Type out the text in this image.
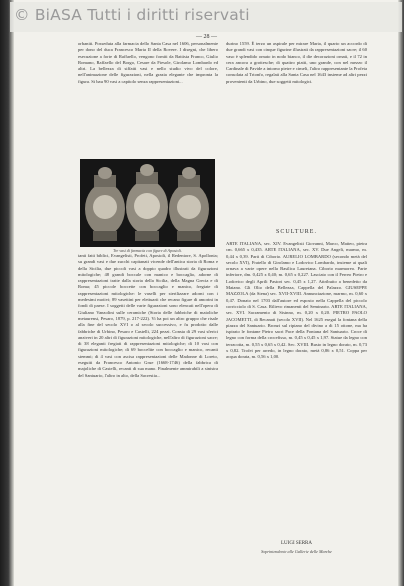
© BiASA Tutti i diritti riservati
— 28 —

orbaniti. Posseduta alla farmacia dello Santa Casa nel 1606, personalmente per dono del duca Francesco Maria II della Rovere. I disegni, che libero esecuzione a forte di Raffaello, vengono forniti da Battista Franco, Giulio Romano, Raffaello del Borgo, Cesare da Fiesole, Girolamo Lombardo ed altri. La bellezza di siffatti vasi e nello studio vivo del colore, nell'animazione delle figurazioni, nella grazia elegante che impronta la figura. Si bau 90 vasi a capitolo senza rappresentazioni...

durino 1559. È terzo un aspirale per mirare Maria, il quarto un accordo di due grandi vasi con cinque figurine illustrati da rappresentazioni sacre; il 60 vaso è splendido ornato in nodo bianco, il die decorazioni ornati, e il 72 in cera ancora a grottesche; di quattro piatti, uno grande, con nel mezzo il Cardinale di Pavide a intorno pietre e cimeli, l'altro rappresentante la Profeta consolata al Trionfo, regalati alla Santa Casa nel 1643 insieme ad altri pezzi provenienti da Urbino, due soggetti mitologici.

Tre vasi di farmacia con figure di Apostoli.
SCULTURE.

tanti fatti biblici, Evangelisti, Profeti, Apostoli, il Redentore, S. Apollonia; su grandi vasi e due zucchi capitanati vicende dell'antica storia di Roma e della Sicilia, due piccoli vasi a doppio quadro illustrati da figurazioni mitologiche; 48 grandi boccale con manico e boccaglio, adorne di rappresentazioni tratte dalla storia della Sicilia, della Magna Grecia e di Roma; 45 piccole boccette con boccaglio e manico, fregiate di rappresentazioni mitologiche: le vaselli per sterilizzare adorni con i medesimi motivi; 89 vasettini per elettuarii che recano figure di amorini in fondi di paese. I soggetti delle varie figurazioni sono elencati nell'opera di Giuliano Vanzolini sulle ceramiche (Storia delle fabbriche di maioliche metaurensi, Pesaro, 1879, p. 217-222). Vi ha poi un altro gruppo che risale alla fine del secolo XVI o al secolo successivo, e fu prodotto dalle fabbriche di Urbino, Pesaro e Castelli, 224 pezzi. Consta di 29 vasi sferici anziveri in 20 altri di figurazioni mitologiche, nell'altro di figurazioni sacre; di 38 eleganti fregiati di rappresentazioni mitologiche; di 10 vasi con figurazioni mitologiche; di 69 bocceltte con boccaglio e manico, recanti stemmi; di 4 vasi con ascisa rappresentazioni delle Madonne di Loreto, eseguiti da Francesco Antonio Grue (1668-1746) della fabbrica di majoliche di Castelli, recanti di sua mano. Finalmente ammirabili a sinistra del Santuario, l'altro in alto, della Sacrestia...

ARTE ITALIANA, sec. XIV. Evangelisti Giovanni, Marco, Matteo, pietra cm. 0,665 x 0,435. ARTE ITALIANA, sec. XV. Due Angeli, marmo, m. 0,44 x 0,39. Parti di Ciborio. AURELIO LOMBARDO (secondo metà del secolo XVI), Fratello di Girolamo e Lodovico Lombardo, insieme ai quali ornava a varie opere nella Basilica Lauretana. Ciborio marmoreo. Parte inferiore, dm. 0,425 x 0,40; m. 0,65 x 0,227. Lasciato con il Ferreo Pietro e Lodovico degli Aprili Pastori sec. 0,45 x 1,27. Attribuito a benedetto da Maiano. Gli Olio della Bellezza, Cappella del Palazzo. GIUSEPPE MAZZOLA (da Siena) sec. XVII-XVIII. Annunciazione, marmo, m. 0,60 x 0,47. Donato nel 1703 dall'autore ed esposto nella Cappella del piccolo corricciolo di S. Casa. Rilievo rimanenti del Seminario. ARTE ITALIANA, sec. XVI. Sacramento di Sisinno, m. 0,20 x 0,20. PIETRO PAOLO JACOMETTI, di Recanati (secolo XVII). Nel 1625 eseguì la fontana della piazza del Santuario. Bronzi sul ripiano del divino a di 15 ottone, ma ha ispirato le fontane Pietro sacri Pace della Fontana del Santuario. Croce di legno con forma della crocefisso, m. 0,45 x 0,45 x 1,97. Statue da legno con terracotta, m. 0,55 x 0,65 x 0,42. Sec. XVIII. Busto in legno dorato, m. 0,73 x 0,82. Trofei per arredo, in legno dorato, metà 0,86 x 0,51. Coppa per acqua dorata, m. 0,56 x 1,00.

LUIGI SERRA
Soprintendente alle Gallerie delle Marche
